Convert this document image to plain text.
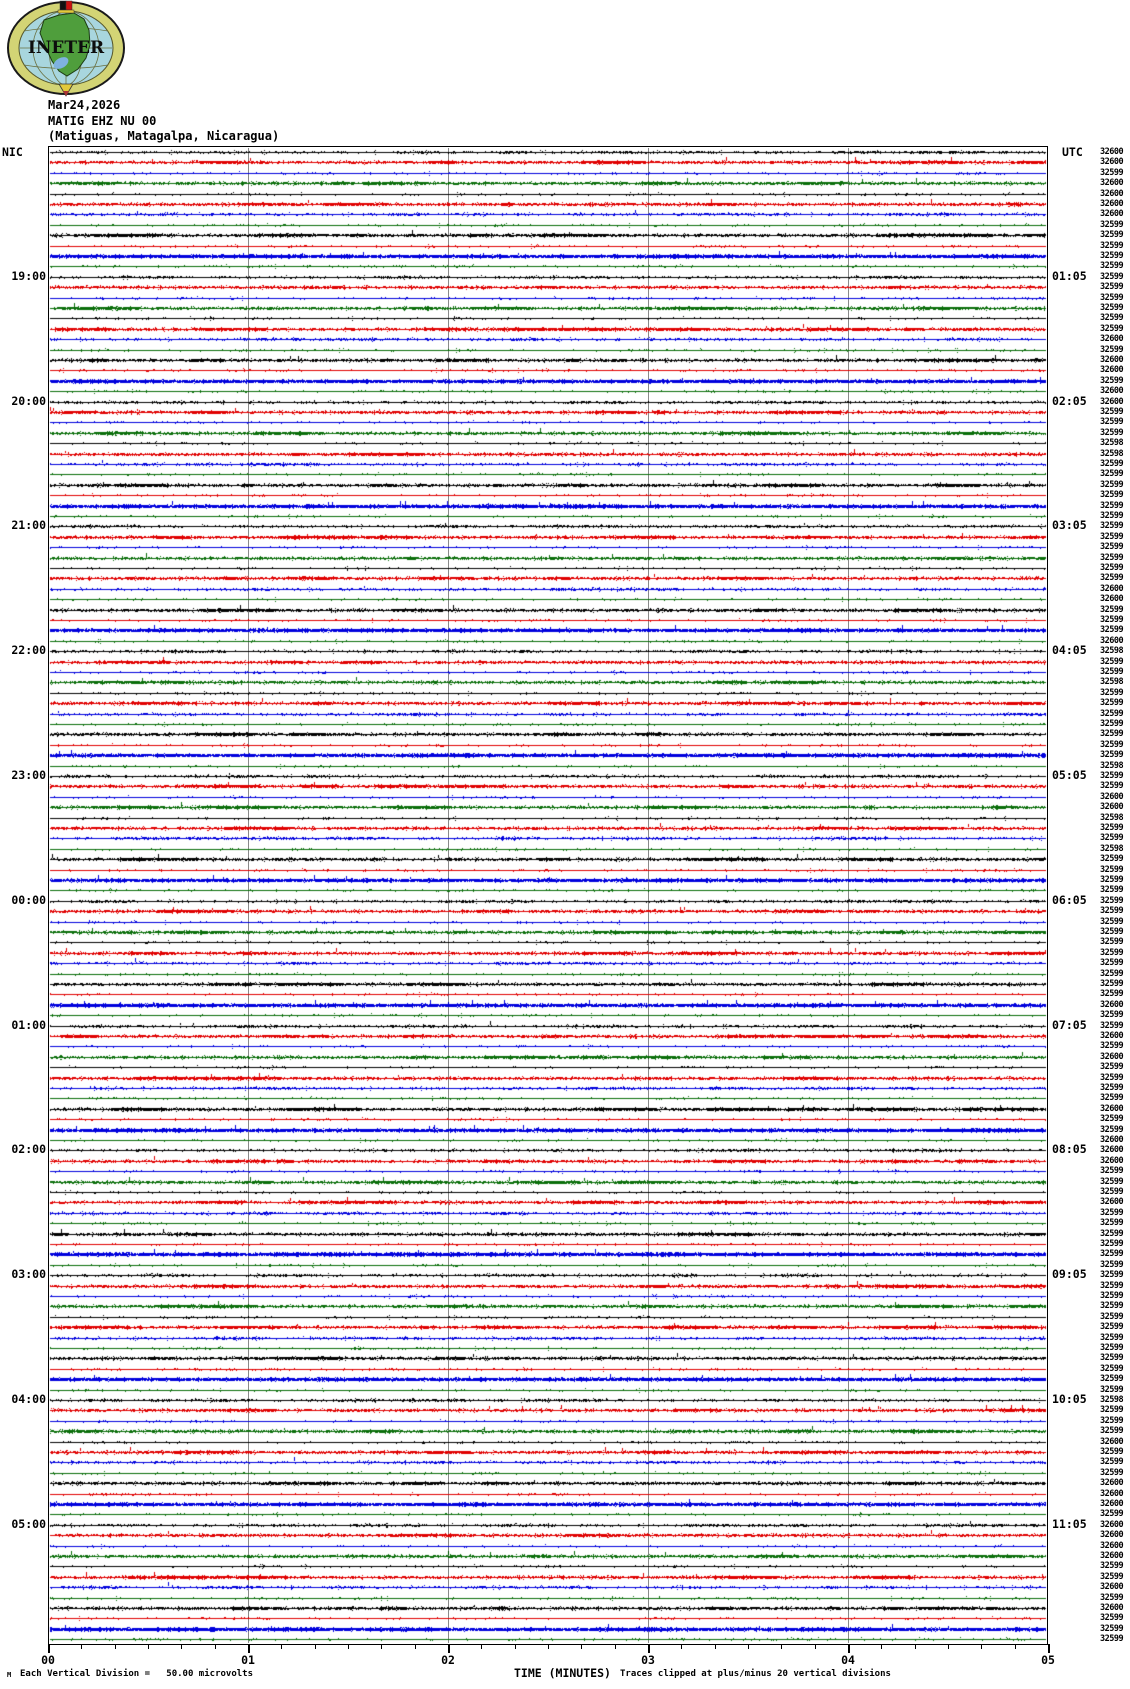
INETER
Mar24,2026
MATIG EHZ NU 00
(Matiguas, Matagalpa, Nicaragua)
NIC	UTC
19:00
20:00
21:00
22:00
23:00
00:00
01:00
02:00
03:00
04:00
05:00
01:05
02:05
03:05
04:05
05:05
06:05
07:05
08:05
09:05
10:05
11:05
32600
32600
32599
32600
32600
32600
32600
32599
32599
32599
32599
32599
32599
32599
32599
32599
32599
32599
32600
32599
32600
32600
32599
32600
32600
32599
32599
32599
32598
32598
32599
32599
32599
32599
32599
32599
32599
32599
32599
32599
32599
32599
32600
32600
32599
32599
32599
32600
32598
32599
32599
32598
32599
32599
32599
32599
32599
32599
32599
32598
32599
32599
32600
32600
32598
32599
32599
32598
32599
32599
32599
32599
32599
32599
32599
32599
32599
32599
32599
32599
32599
32599
32600
32599
32599
32600
32599
32600
32599
32599
32599
32599
32600
32599
32599
32600
32600
32600
32599
32599
32599
32600
32599
32599
32599
32599
32599
32599
32599
32599
32599
32599
32599
32599
32599
32599
32599
32599
32599
32599
32598
32599
32599
32599
32600
32599
32599
32599
32600
32600
32600
32599
32600
32600
32600
32600
32599
32599
32600
32599
32600
32599
32599
32599
00	01	02	03	04	05
M Each Vertical Division =   50.00 microvolts	TIME (MINUTES) Traces clipped at plus/minus 20 vertical divisions
